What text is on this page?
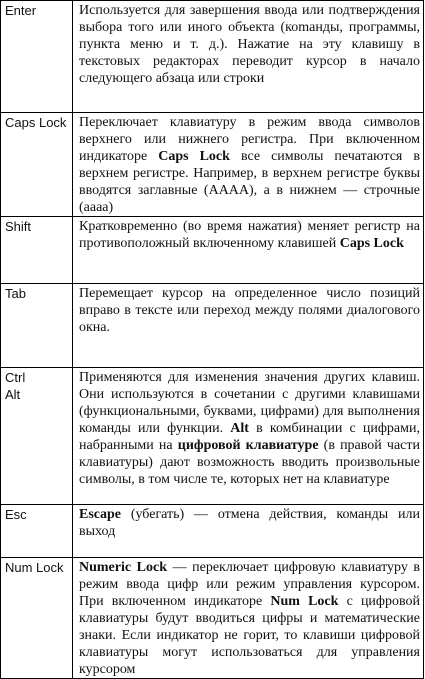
Enter	Используется для завершения ввода или подтверждения выбора того или иного объекта (коmанды, программы, пункта меню и т. д.). Нажатие на эту клавишу в текстовых редакторах переводит курсор в начало следующего абзаца или строки

Caps Lock	Переключает клавиатуру в режим ввода символов верхнего или нижнего регистра. При включенном индикаторе Caps Lock все символы печатаются в верхнем регистре. Например, в верхнем регистре буквы вводятся заглавные (АААА), а в нижнем — строчные (аааа)

Shift	Кратковременно (во время нажатия) меняет регистр на противоположный включенному клавишей Caps Lock

Tab	Перемещает курсор на определенное число позиций вправо в тексте или переход между полями диалогового окна.

Ctrl
Alt	Применяются для изменения значения других клавиш. Они используются в сочетании с другими клавишами (функциональными, буквами, цифрами) для выполнения команды или функции. Alt в комбинации с цифрами, набранными на цифровой клавиатуре (в правой части клавиатуры) дают возможность вводить произвольные символы, в том числе те, которых нет на клавиатуре

Esc	Escape (убегать) — отмена действия, команды или выход

Num Lock	Numeric Lock — переключает цифровую клавиатуру в режим ввода цифр или режим управления курсором. При включенном индикаторе Num Lock с цифровой клавиатуры будут вводиться цифры и математические знаки. Если индикатор не горит, то клавиши цифровой клавиатуры могут использоваться для управления курсором
